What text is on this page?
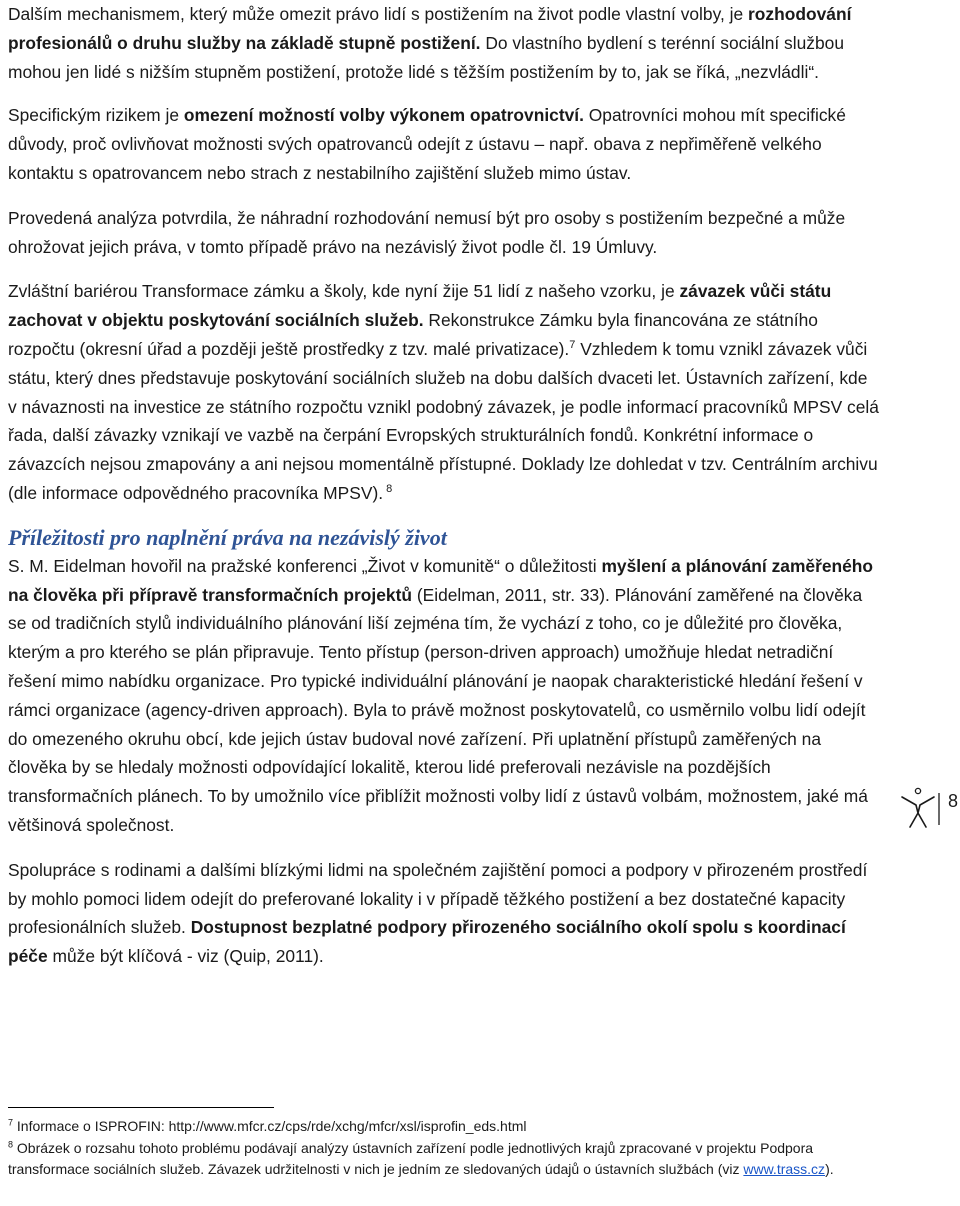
Dalším mechanismem, který může omezit právo lidí s postižením na život podle vlastní volby, je rozhodování profesionálů o druhu služby na základě stupně postižení. Do vlastního bydlení s terénní sociální službou mohou jen lidé s nižším stupněm postižení, protože lidé s těžším postižením by to, jak se říká, „nezvládli“.

Specifickým rizikem je omezení možností volby výkonem opatrovnictví. Opatrovníci mohou mít specifické důvody, proč ovlivňovat možnosti svých opatrovanců odejít z ústavu – např. obava z nepřiměřeně velkého kontaktu s opatrovancem nebo strach z nestabilního zajištění služeb mimo ústav.

Provedená analýza potvrdila, že náhradní rozhodování nemusí být pro osoby s postižením bezpečné a může ohrožovat jejich práva, v tomto případě právo na nezávislý život podle čl. 19 Úmluvy.

Zvláštní bariérou Transformace zámku a školy, kde nyní žije 51 lidí z našeho vzorku, je závazek vůči státu zachovat v objektu poskytování sociálních služeb. Rekonstrukce Zámku byla financována ze státního rozpočtu (okresní úřad a později ještě prostředky z tzv. malé privatizace).$^7$ Vzhledem k tomu vznikl závazek vůči státu, který dnes představuje poskytování sociálních služeb na dobu dalších dvaceti let. Ústavních zařízení, kde v návaznosti na investice ze státního rozpočtu vznikl podobný závazek, je podle informací pracovníků MPSV celá řada, další závazky vznikají ve vazbě na čerpání Evropských strukturálních fondů. Konkrétní informace o závazcích nejsou zmapovány a ani nejsou momentálně přístupné. Doklady lze dohledat v tzv. Centrálním archivu (dle informace odpovědného pracovníka MPSV). $^8$

Příležitosti pro naplnění práva na nezávislý život

S. M. Eidelman hovořil na pražské konferenci „Život v komunitě“ o důležitosti myšlení a plánování zaměřeného na člověka při přípravě transformačních projektů (Eidelman, 2011, str. 33). Plánování zaměřené na člověka se od tradičních stylů individuálního plánování liší zejména tím, že vychází z toho, co je důležité pro člověka, kterým a pro kterého se plán připravuje. Tento přístup (person-driven approach) umožňuje hledat netradiční řešení mimo nabídku organizace. Pro typické individuální plánování je naopak charakteristické hledání řešení v rámci organizace (agency-driven approach). Byla to právě možnost poskytovatelů, co usměrnilo volbu lidí odejít do omezeného okruhu obcí, kde jejich ústav budoval nové zařízení. Při uplatnění přístupů zaměřených na člověka by se hledaly možnosti odpovídající lokalitě, kterou lidé preferovali nezávisle na pozdějších transformačních plánech. To by umožnilo více přiblížit možnosti volby lidí z ústavů volbám, možnostem, jaké má většinová společnost.

Spolupráce s rodinami a dalšími blízkými lidmi na společném zajištění pomoci a podpory v přirozeném prostředí by mohlo pomoci lidem odejít do preferované lokality i v případě těžkého postižení a bez dostatečné kapacity profesionálních služeb. Dostupnost bezplatné podpory přirozeného sociálního okolí spolu s koordinací péče může být klíčová - viz (Quip, 2011).

8

$^7$ Informace o ISPROFIN: http://www.mfcr.cz/cps/rde/xchg/mfcr/xsl/isprofin_eds.html

$^8$ Obrázek o rozsahu tohoto problému podávají analýzy ústavních zařízení podle jednotlivých krajů zpracované v projektu Podpora transformace sociálních služeb. Závazek udržitelnosti v nich je jedním ze sledovaných údajů o ústavních službách (viz www.trass.cz).
